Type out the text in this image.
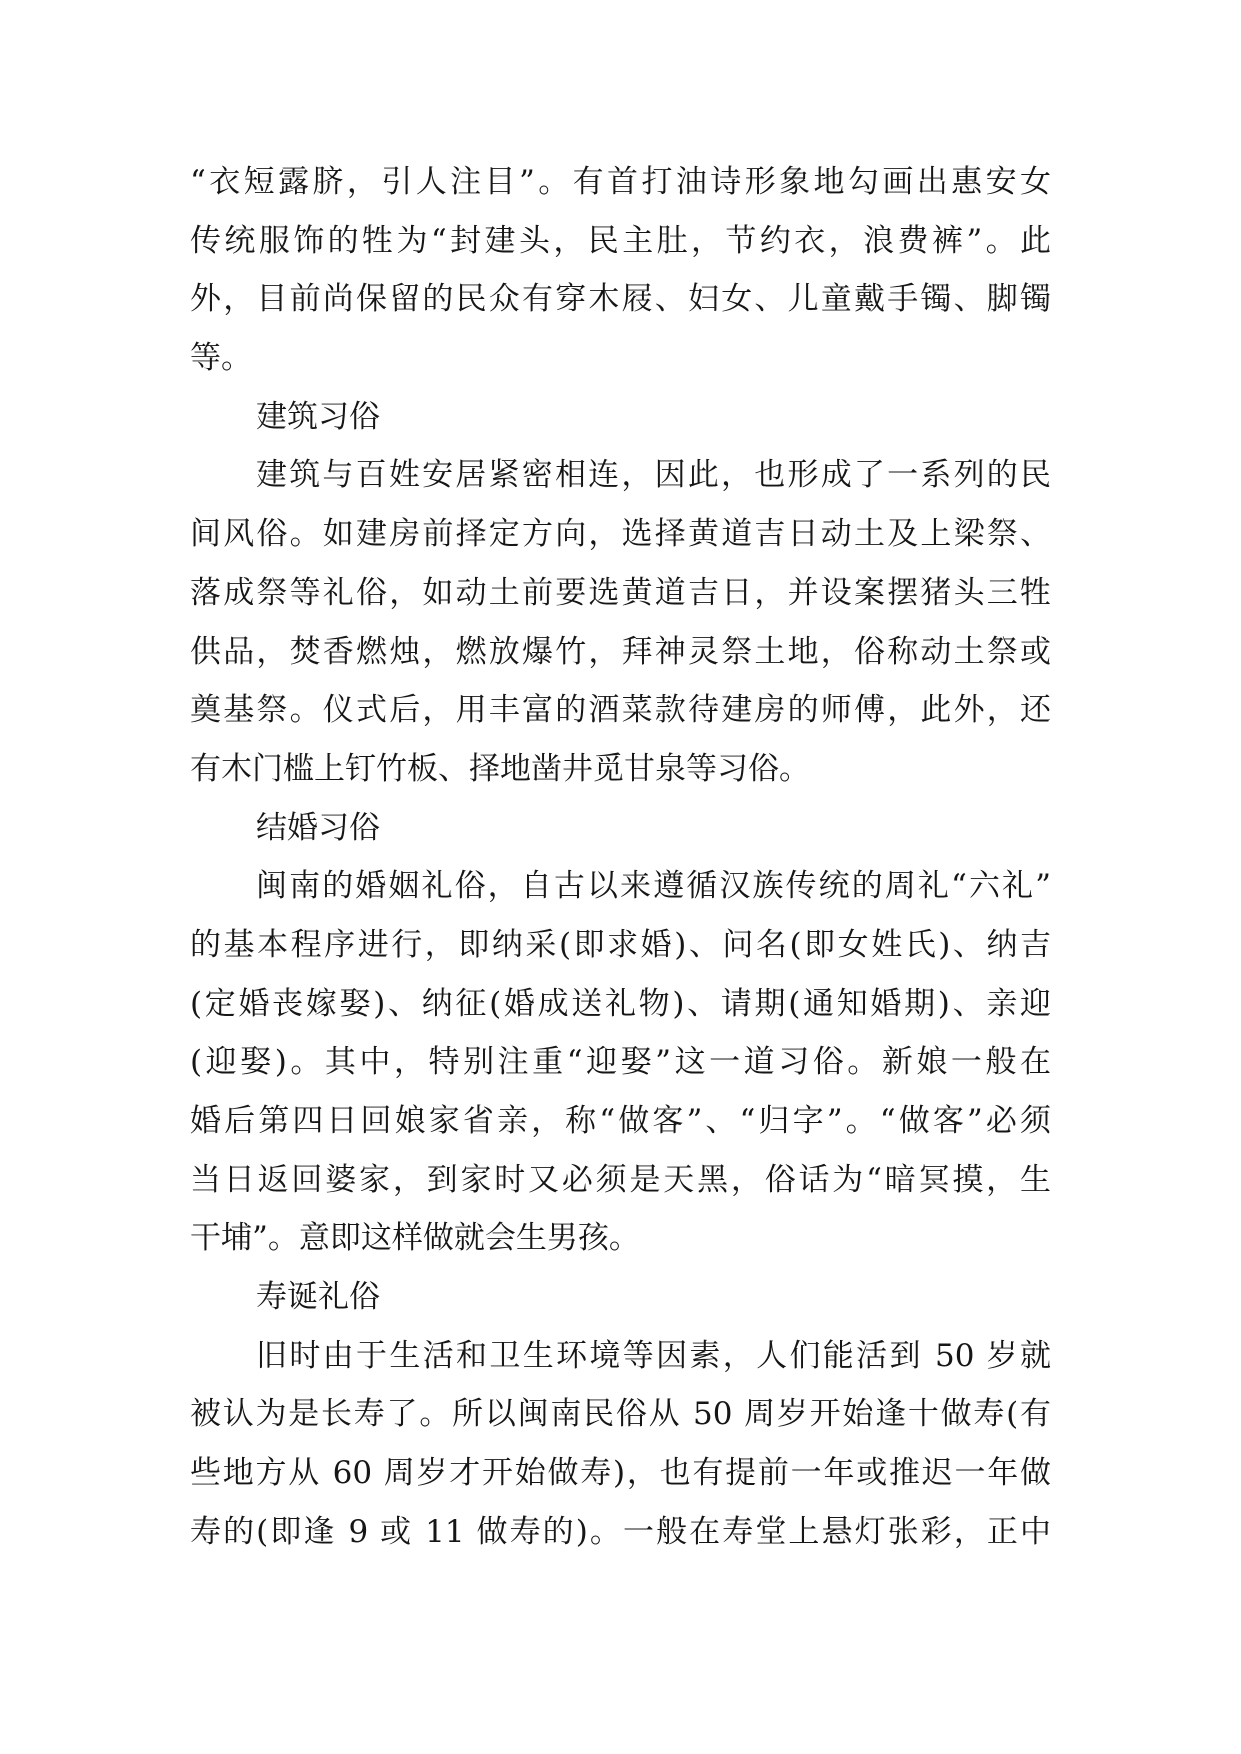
“衣短露脐，引人注目”。有首打油诗形象地勾画出惠安女
传统服饰的牲为“封建头，民主肚，节约衣，浪费裤”。此
外，目前尚保留的民众有穿木屐、妇女、儿童戴手镯、脚镯
等。
建筑习俗
建筑与百姓安居紧密相连，因此，也形成了一系列的民
间风俗。如建房前择定方向，选择黄道吉日动土及上梁祭、
落成祭等礼俗，如动土前要选黄道吉日，并设案摆猪头三牲
供品，焚香燃烛，燃放爆竹，拜神灵祭土地，俗称动土祭或
奠基祭。仪式后，用丰富的酒菜款待建房的师傅，此外，还
有木门槛上钉竹板、择地凿井觅甘泉等习俗。
结婚习俗
闽南的婚姻礼俗，自古以来遵循汉族传统的周礼“六礼”
的基本程序进行，即纳采(即求婚)、问名(即女姓氏)、纳吉
(定婚丧嫁娶)、纳征(婚成送礼物)、请期(通知婚期)、亲迎
(迎娶)。其中，特别注重“迎娶”这一道习俗。新娘一般在
婚后第四日回娘家省亲，称“做客”、“归字”。“做客”必须
当日返回婆家，到家时又必须是天黑，俗话为“暗冥摸，生
干埔”。意即这样做就会生男孩。
寿诞礼俗
旧时由于生活和卫生环境等因素，人们能活到 50 岁就
被认为是长寿了。所以闽南民俗从 50 周岁开始逢十做寿(有
些地方从 60 周岁才开始做寿)，也有提前一年或推迟一年做
寿的(即逢 9 或 11 做寿的)。一般在寿堂上悬灯张彩，正中
